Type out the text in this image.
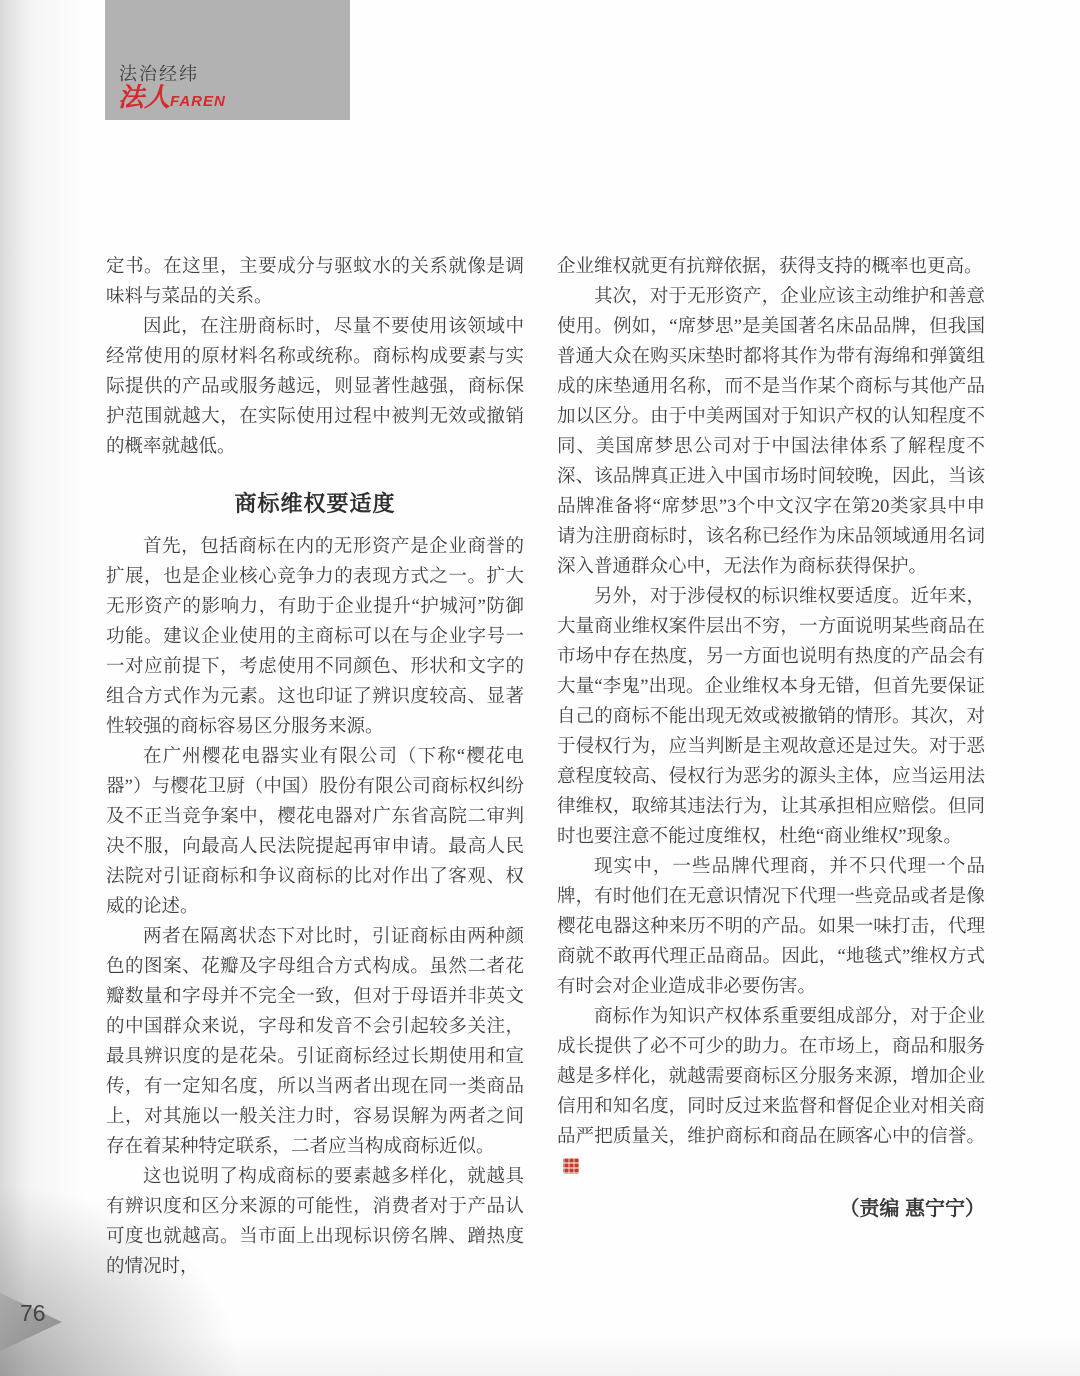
法治经纬
法人FAREN

定书。在这里，主要成分与驱蚊水的关系就像是调味料与菜品的关系。

因此，在注册商标时，尽量不要使用该领域中经常使用的原材料名称或统称。商标构成要素与实际提供的产品或服务越远，则显著性越强，商标保护范围就越大，在实际使用过程中被判无效或撤销的概率就越低。

商标维权要适度

首先，包括商标在内的无形资产是企业商誉的扩展，也是企业核心竞争力的表现方式之一。扩大无形资产的影响力，有助于企业提升“护城河”防御功能。建议企业使用的主商标可以在与企业字号一一对应前提下，考虑使用不同颜色、形状和文字的组合方式作为元素。这也印证了辨识度较高、显著性较强的商标容易区分服务来源。

在广州樱花电器实业有限公司（下称“樱花电器”）与樱花卫厨（中国）股份有限公司商标权纠纷及不正当竞争案中，樱花电器对广东省高院二审判决不服，向最高人民法院提起再审申请。最高人民法院对引证商标和争议商标的比对作出了客观、权威的论述。

两者在隔离状态下对比时，引证商标由两种颜色的图案、花瓣及字母组合方式构成。虽然二者花瓣数量和字母并不完全一致，但对于母语并非英文的中国群众来说，字母和发音不会引起较多关注，最具辨识度的是花朵。引证商标经过长期使用和宣传，有一定知名度，所以当两者出现在同一类商品上，对其施以一般关注力时，容易误解为两者之间存在着某种特定联系，二者应当构成商标近似。

这也说明了构成商标的要素越多样化，就越具有辨识度和区分来源的可能性，消费者对于产品认可度也就越高。当市面上出现标识傍名牌、蹭热度的情况时，

企业维权就更有抗辩依据，获得支持的概率也更高。

其次，对于无形资产，企业应该主动维护和善意使用。例如，“席梦思”是美国著名床品品牌，但我国普通大众在购买床垫时都将其作为带有海绵和弹簧组成的床垫通用名称，而不是当作某个商标与其他产品加以区分。由于中美两国对于知识产权的认知程度不同、美国席梦思公司对于中国法律体系了解程度不深、该品牌真正进入中国市场时间较晚，因此，当该品牌准备将“席梦思”3个中文汉字在第20类家具中申请为注册商标时，该名称已经作为床品领域通用名词深入普通群众心中，无法作为商标获得保护。

另外，对于涉侵权的标识维权要适度。近年来，大量商业维权案件层出不穷，一方面说明某些商品在市场中存在热度，另一方面也说明有热度的产品会有大量“李鬼”出现。企业维权本身无错，但首先要保证自己的商标不能出现无效或被撤销的情形。其次，对于侵权行为，应当判断是主观故意还是过失。对于恶意程度较高、侵权行为恶劣的源头主体，应当运用法律维权，取缔其违法行为，让其承担相应赔偿。但同时也要注意不能过度维权，杜绝“商业维权”现象。

现实中，一些品牌代理商，并不只代理一个品牌，有时他们在无意识情况下代理一些竞品或者是像樱花电器这种来历不明的产品。如果一味打击，代理商就不敢再代理正品商品。因此，“地毯式”维权方式有时会对企业造成非必要伤害。

商标作为知识产权体系重要组成部分，对于企业成长提供了必不可少的助力。在市场上，商品和服务越是多样化，就越需要商标区分服务来源，增加企业信用和知名度，同时反过来监督和督促企业对相关商品严把质量关，维护商标和商品在顾客心中的信誉。

（责编 惠宁宁）
76
